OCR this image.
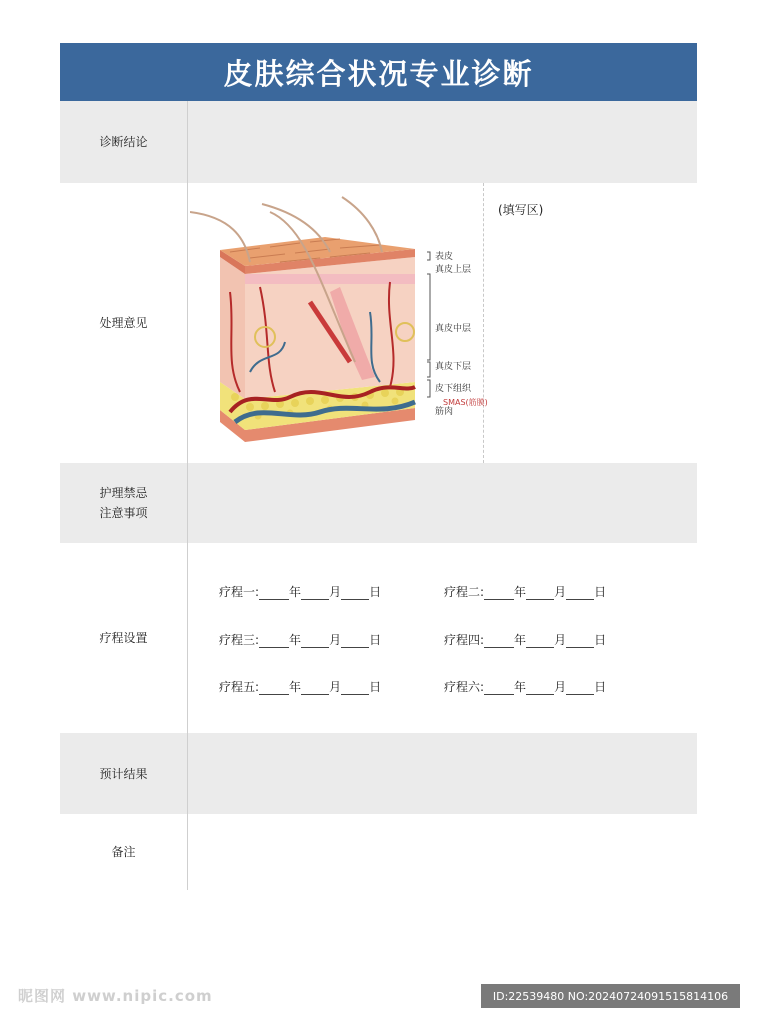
皮肤综合状况专业诊断
诊断结论
处理意见
护理禁忌
注意事项
疗程设置
预计结果
备注
(填写区)
表皮
真皮上层
真皮中层
真皮下层
皮下组织
SMAS(筋膜)
筋肉
疗程一:	年 月 日	疗程二:	年 月 日
疗程三:	年 月 日	疗程四:	年 月 日
疗程五:	年 月 日	疗程六:	年 月 日
昵图网 www.nipic.com	ID:22539480 NO:20240724091515814106
